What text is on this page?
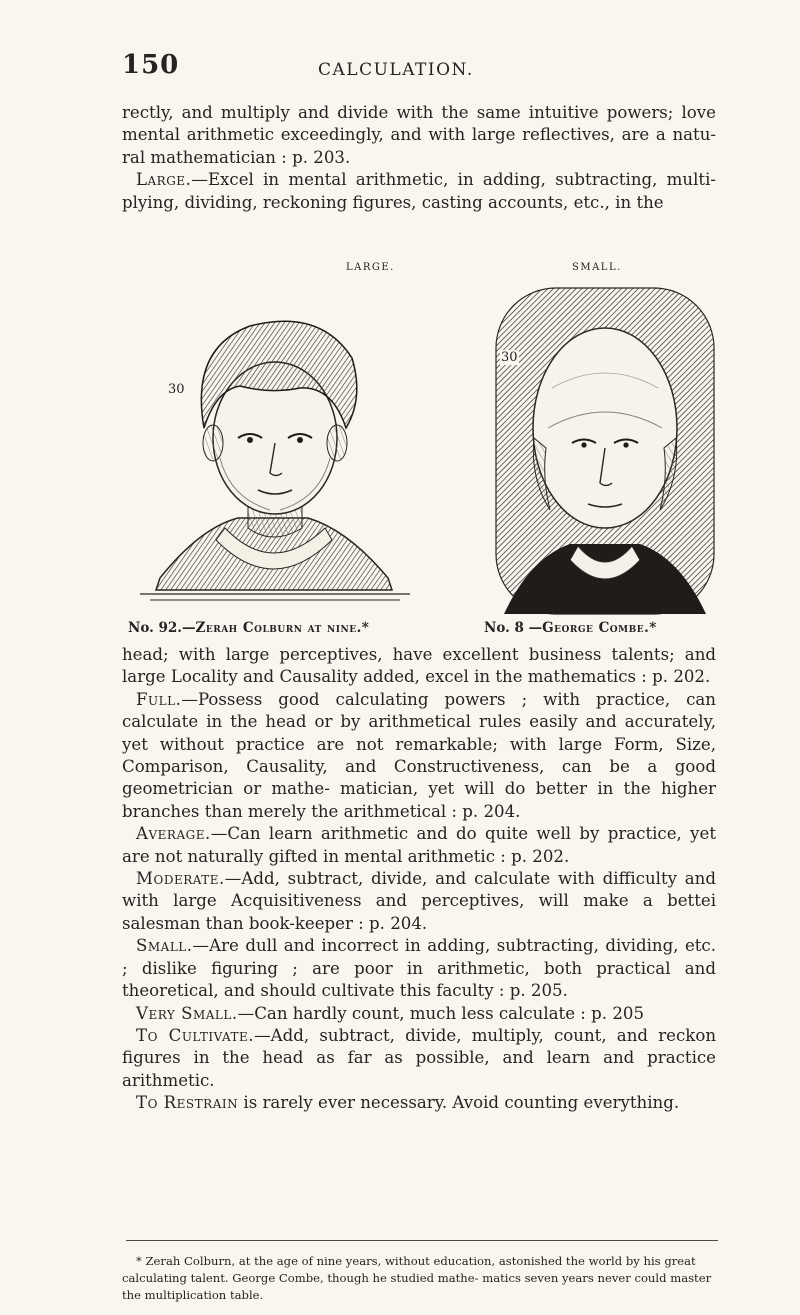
150	CALCULATION.

rectly, and multiply and divide with the same intuitive powers; love mental arithmetic exceedingly, and with large reflectives, are a natu- ral mathematician : p. 203.

Large.—Excel in mental arithmetic, in adding, subtracting, multi- plying, dividing, reckoning figures, casting accounts, etc., in the

LARGE.	SMALL.
30
30
No. 92.—Zerah Colburn at nine.*	No. 8 —George Combe.*

head; with large perceptives, have excellent business talents; and large Locality and Causality added, excel in the mathematics : p. 202.

Full.—Possess good calculating powers ; with practice, can calculate in the head or by arithmetical rules easily and accurately, yet without practice are not remarkable; with large Form, Size, Comparison, Causality, and Constructiveness, can be a good geometrician or mathe- matician, yet will do better in the higher branches than merely the arithmetical : p. 204.

Average.—Can learn arithmetic and do quite well by practice, yet are not naturally gifted in mental arithmetic : p. 202.

Moderate.—Add, subtract, divide, and calculate with difficulty and with large Acquisitiveness and perceptives, will make a bettei salesman than book-keeper : p. 204.

Small.—Are dull and incorrect in adding, subtracting, dividing, etc. ; dislike figuring ; are poor in arithmetic, both practical and theoretical, and should cultivate this faculty : p. 205.

Very Small.—Can hardly count, much less calculate : p. 205

To Cultivate.—Add, subtract, divide, multiply, count, and reckon figures in the head as far as possible, and learn and practice arithmetic.

To Restrain is rarely ever necessary. Avoid counting everything.

* Zerah Colburn, at the age of nine years, without education, astonished the world by his great calculating talent. George Combe, though he studied mathe- matics seven years never could master the multiplication table.
